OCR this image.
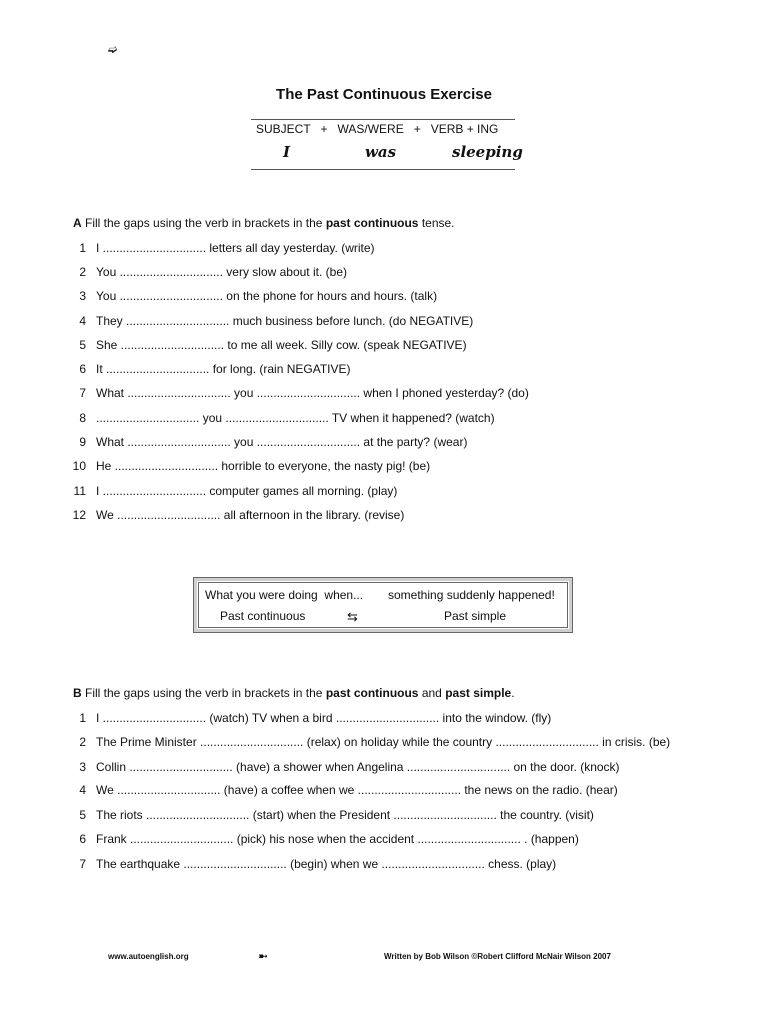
➫
The Past Continuous Exercise
SUBJECT   +   WAS/WERE   +   VERB + ING
I	was	sleeping
A Fill the gaps using the verb in brackets in the past continuous tense.
1 I ............................... letters all day yesterday. (write)
2 You ............................... very slow about it. (be)
3 You ............................... on the phone for hours and hours. (talk)
4 They ............................... much business before lunch. (do NEGATIVE)
5 She ............................... to me all week. Silly cow. (speak NEGATIVE)
6 It ............................... for long. (rain NEGATIVE)
7 What ............................... you ............................... when I phoned yesterday? (do)
8 ............................... you ............................... TV when it happened? (watch)
9 What ............................... you ............................... at the party? (wear)
10 He ............................... horrible to everyone, the nasty pig! (be)
11 I ............................... computer games all morning. (play)
12 We ............................... all afternoon in the library. (revise)
What you were doing  when... something suddenly happened!
Past continuous	⇆	Past simple
B Fill the gaps using the verb in brackets in the past continuous and past simple.
1 I ............................... (watch) TV when a bird ............................... into the window. (fly)
2 The Prime Minister ............................... (relax) on holiday while the country ............................... in crisis. (be)
3 Collin ............................... (have) a shower when Angelina ............................... on the door. (knock)
4 We ............................... (have) a coffee when we ............................... the news on the radio. (hear)
5 The riots ............................... (start) when the President ............................... the country. (visit)
6 Frank ............................... (pick) his nose when the accident ............................... . (happen)
7 The earthquake ............................... (begin) when we ............................... chess. (play)
www.autoenglish.org	➼	Written by Bob Wilson ©Robert Clifford McNair Wilson 2007
